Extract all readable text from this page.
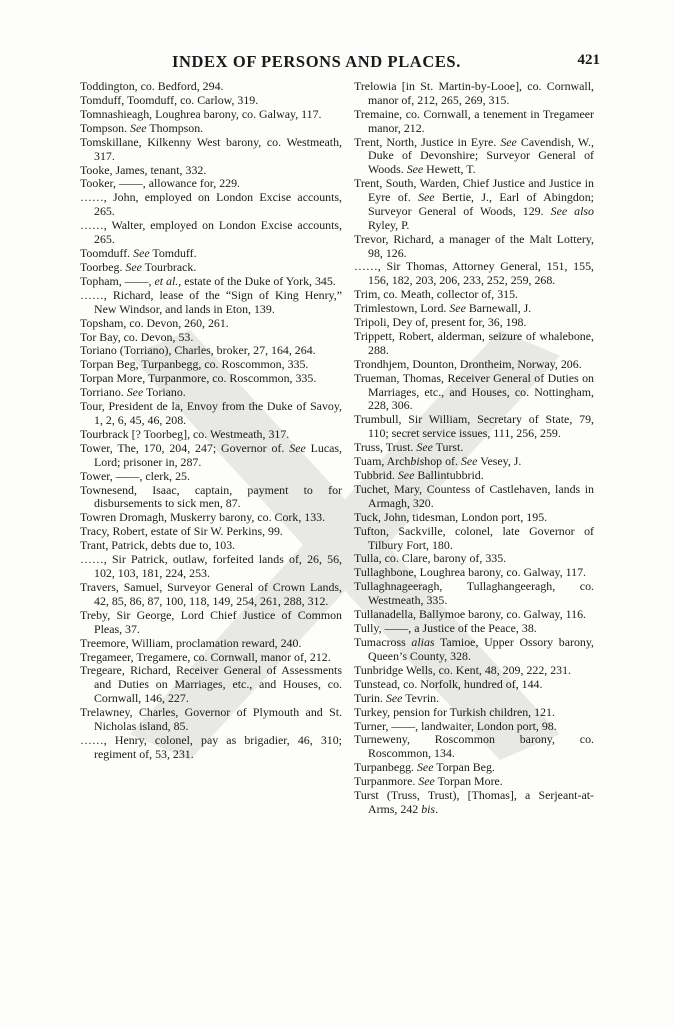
INDEX OF PERSONS AND PLACES.	421
Toddington, co. Bedford, 294.
Tomduff, Toomduff, co. Carlow, 319.
Tomnashieagh, Loughrea barony, co. Galway, 117.
Tompson. See Thompson.
Tomskillane, Kilkenny West barony, co. Westmeath, 317.
Tooke, James, tenant, 332.
Tooker, ——, allowance for, 229.
……, John, employed on London Excise accounts, 265.
……, Walter, employed on London Excise accounts, 265.
Toomduff. See Tomduff.
Toorbeg. See Tourbrack.
Topham, ——, et al., estate of the Duke of York, 345.
……, Richard, lease of the “Sign of King Henry,” New Windsor, and lands in Eton, 139.
Topsham, co. Devon, 260, 261.
Tor Bay, co. Devon, 53.
Toriano (Torriano), Charles, broker, 27, 164, 264.
Torpan Beg, Turpanbegg, co. Roscommon, 335.
Torpan More, Turpanmore, co. Roscommon, 335.
Torriano. See Toriano.
Tour, President de la, Envoy from the Duke of Savoy, 1, 2, 6, 45, 46, 208.
Tourbrack [? Toorbeg], co. Westmeath, 317.
Tower, The, 170, 204, 247; Governor of. See Lucas, Lord; prisoner in, 287.
Tower, ——, clerk, 25.
Townesend, Isaac, captain, payment to for disbursements to sick men, 87.
Towren Dromagh, Muskerry barony, co. Cork, 133.
Tracy, Robert, estate of Sir W. Perkins, 99.
Trant, Patrick, debts due to, 103.
……, Sir Patrick, outlaw, forfeited lands of, 26, 56, 102, 103, 181, 224, 253.
Travers, Samuel, Surveyor General of Crown Lands, 42, 85, 86, 87, 100, 118, 149, 254, 261, 288, 312.
Treby, Sir George, Lord Chief Justice of Common Pleas, 37.
Treemore, William, proclamation reward, 240.
Tregameer, Tregamere, co. Cornwall, manor of, 212.
Tregeare, Richard, Receiver General of Assessments and Duties on Marriages, etc., and Houses, co. Cornwall, 146, 227.
Trelawney, Charles, Governor of Plymouth and St. Nicholas island, 85.
……, Henry, colonel, pay as brigadier, 46, 310; regiment of, 53, 231.
Trelowia [in St. Martin-by-Looe], co. Cornwall, manor of, 212, 265, 269, 315.
Tremaine, co. Cornwall, a tenement in Tregameer manor, 212.
Trent, North, Justice in Eyre. See Cavendish, W., Duke of Devonshire; Surveyor General of Woods. See Hewett, T.
Trent, South, Warden, Chief Justice and Justice in Eyre of. See Bertie, J., Earl of Abingdon; Surveyor General of Woods, 129. See also Ryley, P.
Trevor, Richard, a manager of the Malt Lottery, 98, 126.
……, Sir Thomas, Attorney General, 151, 155, 156, 182, 203, 206, 233, 252, 259, 268.
Trim, co. Meath, collector of, 315.
Trimlestown, Lord. See Barnewall, J.
Tripoli, Dey of, present for, 36, 198.
Trippett, Robert, alderman, seizure of whalebone, 288.
Trondhjem, Dounton, Drontheim, Norway, 206.
Trueman, Thomas, Receiver General of Duties on Marriages, etc., and Houses, co. Nottingham, 228, 306.
Trumbull, Sir William, Secretary of State, 79, 110; secret service issues, 111, 256, 259.
Truss, Trust. See Turst.
Tuam, Archbishop of. See Vesey, J.
Tubbrid. See Ballintubbrid.
Tuchet, Mary, Countess of Castlehaven, lands in Armagh, 320.
Tuck, John, tidesman, London port, 195.
Tufton, Sackville, colonel, late Governor of Tilbury Fort, 180.
Tulla, co. Clare, barony of, 335.
Tullaghbone, Loughrea barony, co. Galway, 117.
Tullaghnageeragh, Tullaghangeeragh, co. Westmeath, 335.
Tullanadella, Ballymoe barony, co. Galway, 116.
Tully, ——, a Justice of the Peace, 38.
Tumacross alias Tamioe, Upper Ossory barony, Queen’s County, 328.
Tunbridge Wells, co. Kent, 48, 209, 222, 231.
Tunstead, co. Norfolk, hundred of, 144.
Turin. See Tevrin.
Turkey, pension for Turkish children, 121.
Turner, ——, landwaiter, London port, 98.
Turneweny, Roscommon barony, co. Roscommon, 134.
Turpanbegg. See Torpan Beg.
Turpanmore. See Torpan More.
Turst (Truss, Trust), [Thomas], a Serjeant-at-Arms, 242 bis.
